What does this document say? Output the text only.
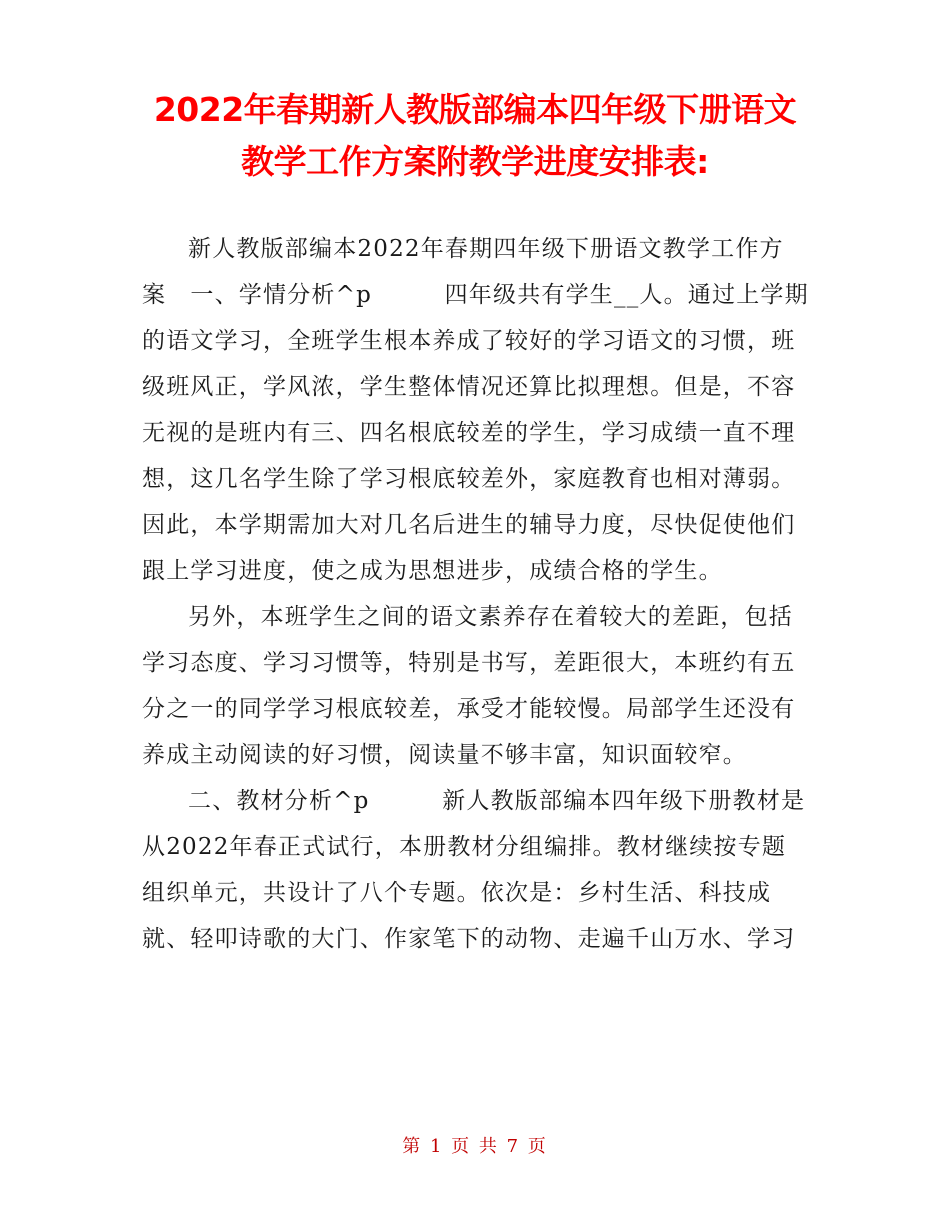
2022年春期新人教版部编本四年级下册语文
教学工作方案附教学进度安排表:
新人教版部编本2022年春期四年级下册语文教学工作方
案　一、学情分析^p　　　四年级共有学生__人。通过上学期
的语文学习，全班学生根本养成了较好的学习语文的习惯，班
级班风正，学风浓，学生整体情况还算比拟理想。但是，不容
无视的是班内有三、四名根底较差的学生，学习成绩一直不理
想，这几名学生除了学习根底较差外，家庭教育也相对薄弱。
因此，本学期需加大对几名后进生的辅导力度，尽快促使他们
跟上学习进度，使之成为思想进步，成绩合格的学生。
另外，本班学生之间的语文素养存在着较大的差距，包括
学习态度、学习习惯等，特别是书写，差距很大，本班约有五
分之一的同学学习根底较差，承受才能较慢。局部学生还没有
养成主动阅读的好习惯，阅读量不够丰富，知识面较窄。
二、教材分析^p　　　新人教版部编本四年级下册教材是
从2022年春正式试行，本册教材分组编排。教材继续按专题
组织单元，共设计了八个专题。依次是：乡村生活、科技成
就、轻叩诗歌的大门、作家笔下的动物、走遍千山万水、学习
第 1 页 共 7 页
